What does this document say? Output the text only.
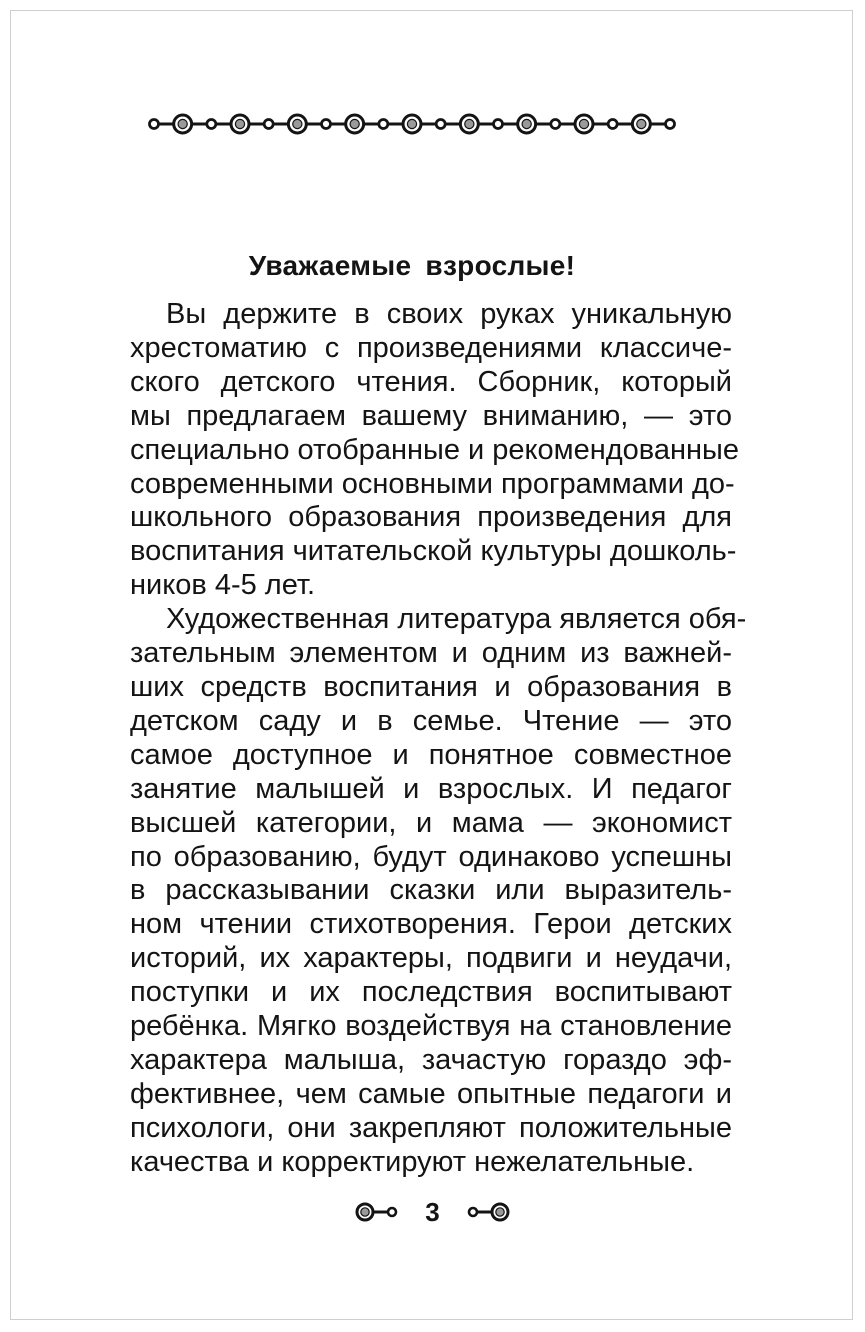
Уважаемые взрослые!

Вы держите в своих руках уникальную
хрестоматию с произведениями классиче-
ского детского чтения. Сборник, который
мы предлагаем вашему вниманию, — это
специально отобранные и рекомендованные
современными основными программами до-
школьного образования произведения для
воспитания читательской культуры дошколь-
ников 4-5 лет.

Художественная литература является обя-
зательным элементом и одним из важней-
ших средств воспитания и образования в
детском саду и в семье. Чтение — это
самое доступное и понятное совместное
занятие малышей и взрослых. И педагог
высшей категории, и мама — экономист
по образованию, будут одинаково успешны
в рассказывании сказки или выразитель-
ном чтении стихотворения. Герои детских
историй, их характеры, подвиги и неудачи,
поступки и их последствия воспитывают
ребёнка. Мягко воздействуя на становление
характера малыша, зачастую гораздо эф-
фективнее, чем самые опытные педагоги и
психологи, они закрепляют положительные
качества и корректируют нежелательные.

3
